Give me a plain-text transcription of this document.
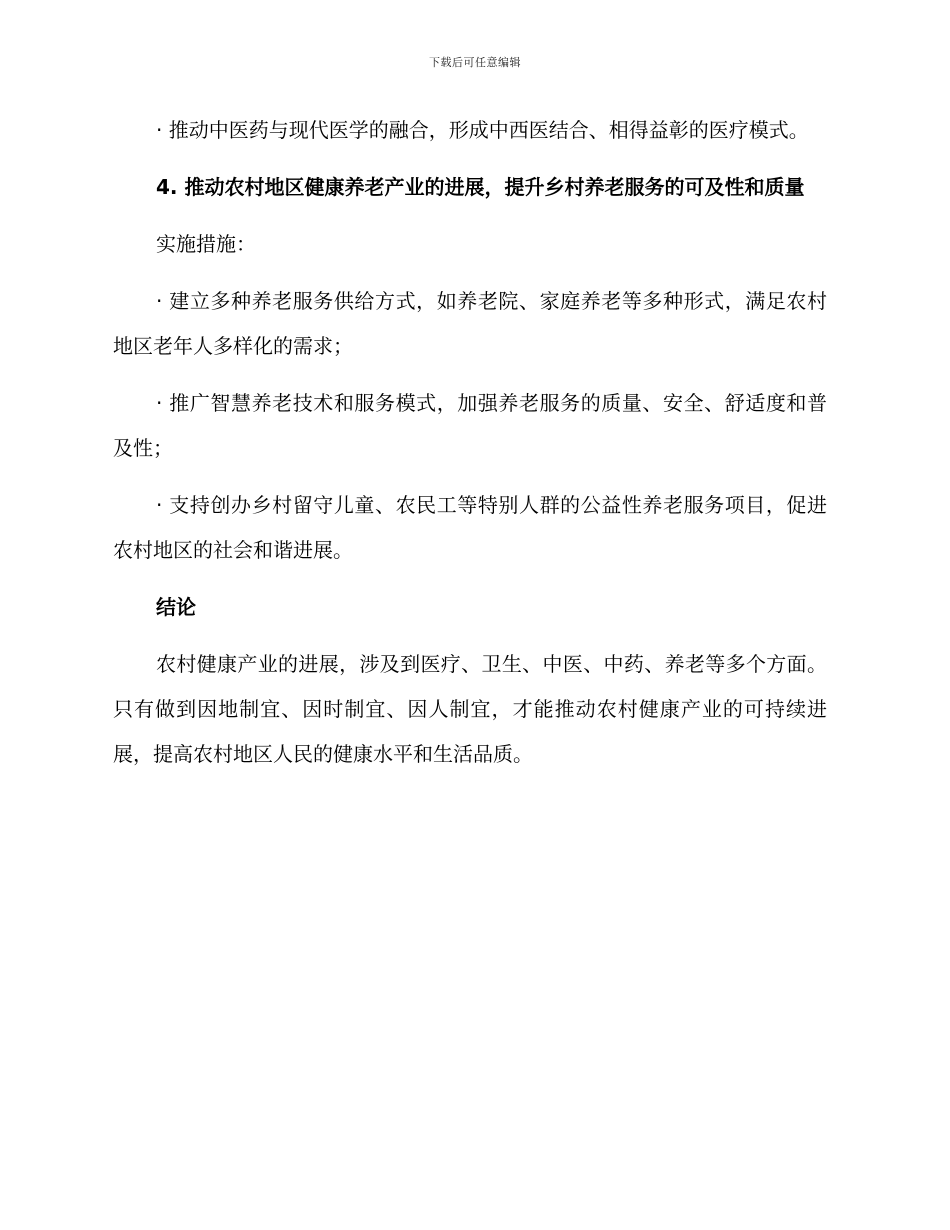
下载后可任意编辑

· 推动中医药与现代医学的融合，形成中西医结合、相得益彰的医疗模式。

4. 推动农村地区健康养老产业的进展，提升乡村养老服务的可及性和质量

实施措施：

· 建立多种养老服务供给方式，如养老院、家庭养老等多种形式，满足农村地区老年人多样化的需求；

· 推广智慧养老技术和服务模式，加强养老服务的质量、安全、舒适度和普及性；

· 支持创办乡村留守儿童、农民工等特别人群的公益性养老服务项目，促进农村地区的社会和谐进展。

结论

农村健康产业的进展，涉及到医疗、卫生、中医、中药、养老等多个方面。只有做到因地制宜、因时制宜、因人制宜，才能推动农村健康产业的可持续进展，提高农村地区人民的健康水平和生活品质。
